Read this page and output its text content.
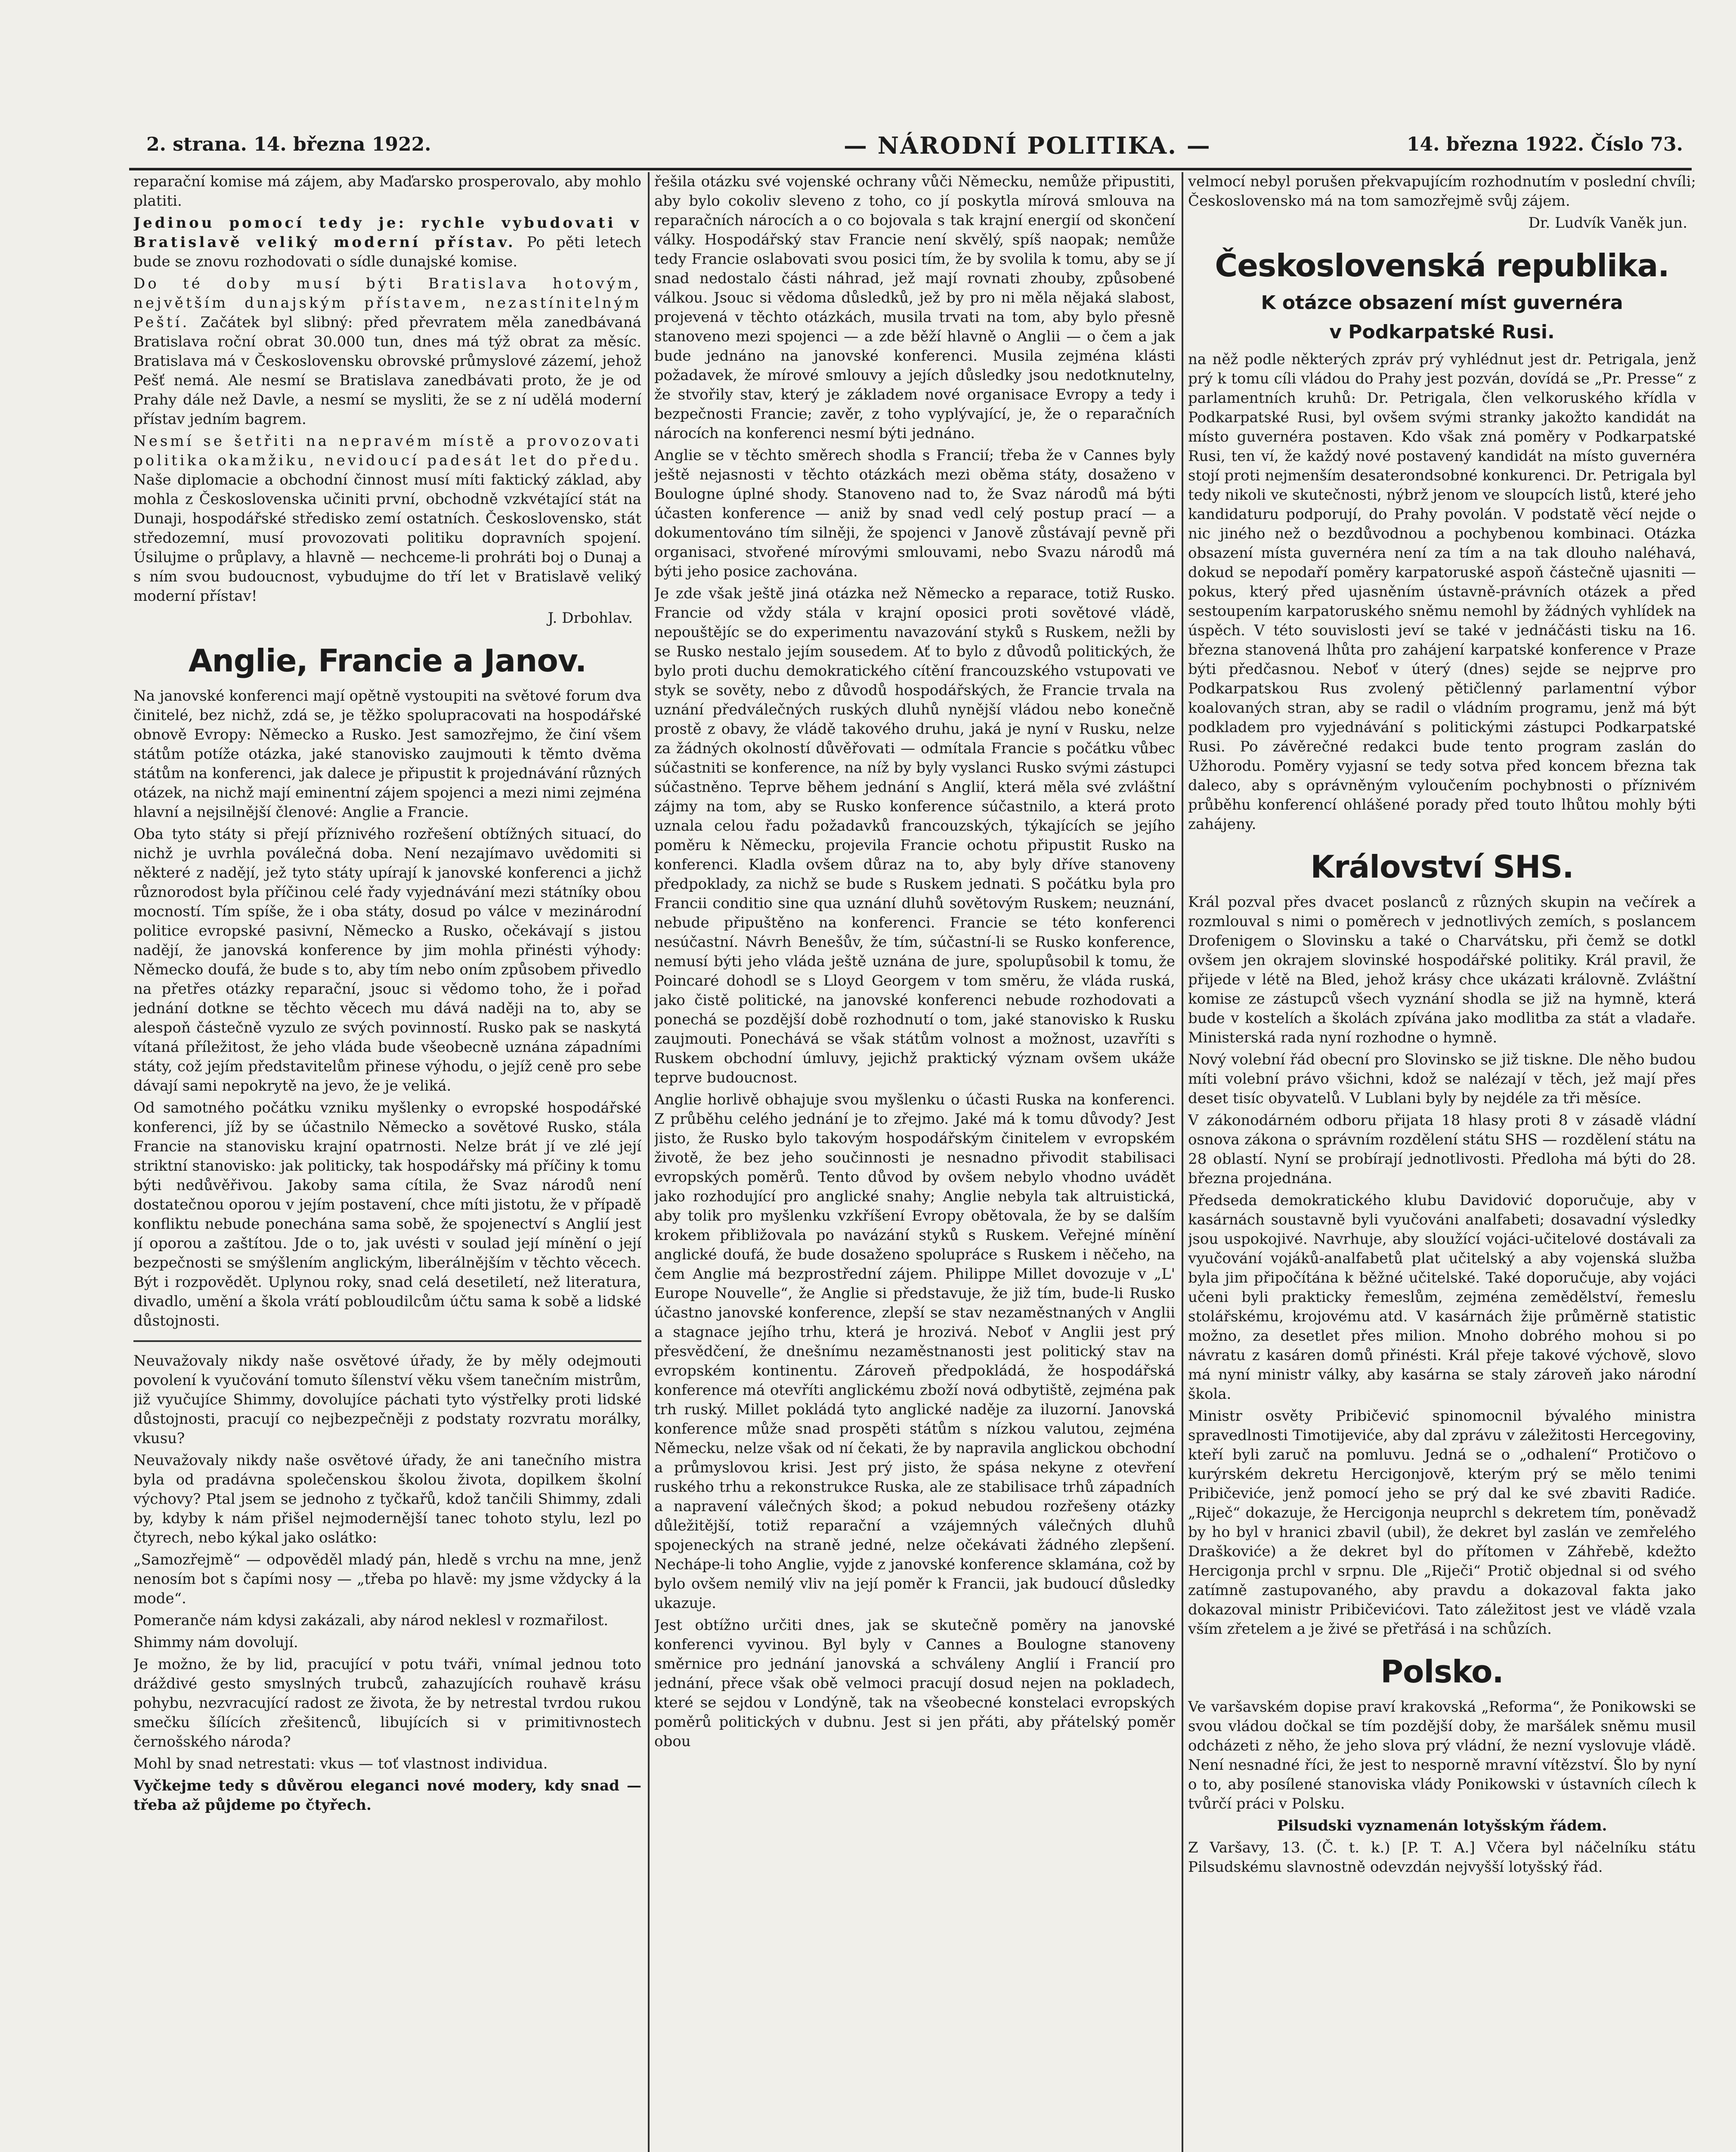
2. strana. 14. března 1922.	— NÁRODNÍ POLITIKA. —	14. března 1922. Číslo 73.

reparační komise má zájem, aby Maďarsko prosperovalo, aby mohlo platiti.

Jedinou pomocí tedy je: rychle vybudovati v Bratislavě veliký moderní přístav. Po pěti letech bude se znovu rozhodovati o sídle dunajské komise.

Do té doby musí býti Bratislava hotovým, největším dunajským přístavem, nezastínitelným Peští. Začátek byl slibný: před převratem měla zanedbávaná Bratislava roční obrat 30.000 tun, dnes má týž obrat za měsíc. Bratislava má v Československu obrovské průmyslové zázemí, jehož Pešť nemá. Ale nesmí se Bratislava zanedbávati proto, že je od Prahy dále než Davle, a nesmí se mysliti, že se z ní udělá moderní přístav jedním bagrem.

Nesmí se šetřiti na nepravém místě a provozovati politika okamžiku, nevidoucí padesát let do předu. Naše diplomacie a obchodní činnost musí míti faktický základ, aby mohla z Československa učiniti první, obchodně vzkvétající stát na Dunaji, hospodářské středisko zemí ostatních. Československo, stát středozemní, musí provozovati politiku dopravních spojení. Úsilujme o průplavy, a hlavně — nechceme-li prohráti boj o Dunaj a s ním svou budoucnost, vybudujme do tří let v Bratislavě veliký moderní přístav!

J. Drbohlav.
Anglie, Francie a Janov.

Na janovské konferenci mají opětně vystoupiti na světové forum dva činitelé, bez nichž, zdá se, je těžko spolupracovati na hospodářské obnově Evropy: Německo a Rusko. Jest samozřejmo, že činí všem státům potíže otázka, jaké stanovisko zaujmouti k těmto dvěma státům na konferenci, jak dalece je připustit k projednávání různých otázek, na nichž mají eminentní zájem spojenci a mezi nimi zejména hlavní a nejsilnější členové: Anglie a Francie.

Oba tyto státy si přejí příznivého rozřešení obtížných situací, do nichž je uvrhla poválečná doba. Není nezajímavo uvědomiti si některé z nadějí, jež tyto státy upírají k janovské konferenci a jichž různorodost byla příčinou celé řady vyjednávání mezi státníky obou mocností. Tím spíše, že i oba státy, dosud po válce v mezinárodní politice evropské pasivní, Německo a Rusko, očekávají s jistou nadějí, že janovská konference by jim mohla přinésti výhody: Německo doufá, že bude s to, aby tím nebo oním způsobem přivedlo na přetřes otázky reparační, jsouc si vědomo toho, že i pořad jednání dotkne se těchto věcech mu dává naději na to, aby se alespoň částečně vyzulo ze svých povinností. Rusko pak se naskytá vítaná příležitost, že jeho vláda bude všeobecně uznána západními státy, což jejím představitelům přinese výhodu, o jejíž ceně pro sebe dávají sami nepokrytě na jevo, že je veliká.

Od samotného počátku vzniku myšlenky o evropské hospodářské konferenci, jíž by se účastnilo Německo a sovětové Rusko, stála Francie na stanovisku krajní opatrnosti. Nelze brát jí ve zlé její striktní stanovisko: jak politicky, tak hospodářsky má příčiny k tomu býti nedůvěřivou. Jakoby sama cítila, že Svaz národů není dostatečnou oporou v jejím postavení, chce míti jistotu, že v případě konfliktu nebude ponechána sama sobě, že spojenectví s Anglií jest jí oporou a zaštítou. Jde o to, jak uvésti v soulad její mínění o její bezpečnosti se smýšlením anglickým, liberálnějším v těchto věcech. Být i rozpovědět. Uplynou roky, snad celá desetiletí, než literatura, divadlo, umění a škola vrátí pobloudilcům účtu sama k sobě a lidské důstojnosti.

Neuvažovaly nikdy naše osvětové úřady, že by měly odejmouti povolení k vyučování tomuto šílenství věku všem tanečním mistrům, již vyučujíce Shimmy, dovolujíce páchati tyto výstřelky proti lidské důstojnosti, pracují co nejbezpečněji z podstaty rozvratu morálky, vkusu?

Neuvažovaly nikdy naše osvětové úřady, že ani tanečního mistra byla od pradávna společenskou školou života, dopilkem školní výchovy? Ptal jsem se jednoho z tyčkařů, kdož tančili Shimmy, zdali by, kdyby k nám přišel nejmodernější tanec tohoto stylu, lezl po čtyrech, nebo kýkal jako oslátko:

„Samozřejmě“ — odpověděl mladý pán, hledě s vrchu na mne, jenž nenosím bot s čapími nosy — „třeba po hlavě: my jsme vždycky á la mode“.

Pomeranče nám kdysi zakázali, aby národ neklesl v rozmařilost.

Shimmy nám dovolují.

Je možno, že by lid, pracující v potu tváři, vnímal jednou toto dráždivé gesto smyslných trubců, zahazujících rouhavě krásu pohybu, nezvracující radost ze života, že by netrestal tvrdou rukou smečku šílících zřešitenců, libujících si v primitivnostech černošského národa?

Mohl by snad netrestati: vkus — toť vlastnost individua.

Vyčkejme tedy s důvěrou eleganci nové modery, kdy snad — třeba až půjdeme po čtyřech.

řešila otázku své vojenské ochrany vůči Německu, nemůže připustiti, aby bylo cokoliv sleveno z toho, co jí poskytla mírová smlouva na reparačních nárocích a o co bojovala s tak krajní energií od skončení války. Hospodářský stav Francie není skvělý, spíš naopak; nemůže tedy Francie oslabovati svou posici tím, že by svolila k tomu, aby se jí snad nedostalo části náhrad, jež mají rovnati zhouby, způsobené válkou. Jsouc si vědoma důsledků, jež by pro ni měla nějaká slabost, projevená v těchto otázkách, musila trvati na tom, aby bylo přesně stanoveno mezi spojenci — a zde běží hlavně o Anglii — o čem a jak bude jednáno na janovské konferenci. Musila zejména klásti požadavek, že mírové smlouvy a jejích důsledky jsou nedotknutelny, že stvořily stav, který je základem nové organisace Evropy a tedy i bezpečnosti Francie; zavěr, z toho vyplývající, je, že o reparačních nárocích na konferenci nesmí býti jednáno.

Anglie se v těchto směrech shodla s Francií; třeba že v Cannes byly ještě nejasnosti v těchto otázkách mezi oběma státy, dosaženo v Boulogne úplné shody. Stanoveno nad to, že Svaz národů má býti účasten konference — aniž by snad vedl celý postup prací — a dokumentováno tím silněji, že spojenci v Janově zůstávají pevně při organisaci, stvořené mírovými smlouvami, nebo Svazu národů má býti jeho posice zachována.

Je zde však ještě jiná otázka než Německo a reparace, totiž Rusko. Francie od vždy stála v krajní oposici proti sovětové vládě, nepouštějíc se do experimentu navazování styků s Ruskem, nežli by se Rusko nestalo jejím sousedem. Ať to bylo z důvodů politických, že bylo proti duchu demokratického cítění francouzského vstupovati ve styk se sověty, nebo z důvodů hospodářských, že Francie trvala na uznání předválečných ruských dluhů nynější vládou nebo konečně prostě z obavy, že vládě takového druhu, jaká je nyní v Rusku, nelze za žádných okolností důvěřovati — odmítala Francie s počátku vůbec súčastniti se konference, na níž by byly vyslanci Rusko svými zástupci súčastněno. Teprve během jednání s Anglií, která měla své zvláštní zájmy na tom, aby se Rusko konference súčastnilo, a která proto uznala celou řadu požadavků francouzských, týkajících se jejího poměru k Německu, projevila Francie ochotu připustit Rusko na konferenci. Kladla ovšem důraz na to, aby byly dříve stanoveny předpoklady, za nichž se bude s Ruskem jednati. S počátku byla pro Francii conditio sine qua uznání dluhů sovětovým Ruskem; neuznání, nebude připuštěno na konferenci. Francie se této konferenci nesúčastní. Návrh Benešův, že tím, súčastní-li se Rusko konference, nemusí býti jeho vláda ještě uznána de jure, spolupůsobil k tomu, že Poincaré dohodl se s Lloyd Georgem v tom směru, že vláda ruská, jako čistě politické, na janovské konferenci nebude rozhodovati a ponechá se pozdější době rozhodnutí o tom, jaké stanovisko k Rusku zaujmouti. Ponechává se však státům volnost a možnost, uzavříti s Ruskem obchodní úmluvy, jejichž praktický význam ovšem ukáže teprve budoucnost.

Anglie horlivě obhajuje svou myšlenku o účasti Ruska na konferenci. Z průběhu celého jednání je to zřejmo. Jaké má k tomu důvody? Jest jisto, že Rusko bylo takovým hospodářským činitelem v evropském životě, že bez jeho součinnosti je nesnadno přivodit stabilisaci evropských poměrů. Tento důvod by ovšem nebylo vhodno uvádět jako rozhodující pro anglické snahy; Anglie nebyla tak altruistická, aby tolik pro myšlenku vzkříšení Evropy obětovala, že by se dalším krokem přibližovala po navázání styků s Ruskem. Veřejné mínění anglické doufá, že bude dosaženo spolupráce s Ruskem i něčeho, na čem Anglie má bezprostřední zájem. Philippe Millet dovozuje v „L' Europe Nouvelle“, že Anglie si představuje, že již tím, bude-li Rusko účastno janovské konference, zlepší se stav nezaměstnaných v Anglii a stagnace jejího trhu, která je hrozivá. Neboť v Anglii jest prý přesvědčení, že dnešnímu nezaměstnanosti jest politický stav na evropském kontinentu. Zároveň předpokládá, že hospodářská konference má otevříti anglickému zboží nová odbytiště, zejména pak trh ruský. Millet pokládá tyto anglické naděje za iluzorní. Janovská konference může snad prospěti státům s nízkou valutou, zejména Německu, nelze však od ní čekati, že by napravila anglickou obchodní a průmyslovou krisi. Jest prý jisto, že spása nekyne z otevření ruského trhu a rekonstrukce Ruska, ale ze stabilisace trhů západních a napravení válečných škod; a pokud nebudou rozřešeny otázky důležitější, totiž reparační a vzájemných válečných dluhů spojeneckých na straně jedné, nelze očekávati žádného zlepšení. Nechápe-li toho Anglie, vyjde z janovské konference sklamána, což by bylo ovšem nemilý vliv na její poměr k Francii, jak budoucí důsledky ukazuje.

Jest obtížno určiti dnes, jak se skutečně poměry na janovské konferenci vyvinou. Byl byly v Cannes a Boulogne stanoveny směrnice pro jednání janovská a schváleny Anglií i Francií pro jednání, přece však obě velmoci pracují dosud nejen na pokladech, které se sejdou v Londýně, tak na všeobecné konstelaci evropských poměrů politických v dubnu. Jest si jen přáti, aby přátelský poměr obou

velmocí nebyl porušen překvapujícím rozhodnutím v poslední chvíli; Československo má na tom samozřejmě svůj zájem.

Dr. Ludvík Vaněk jun.
Československá republika.
K otázce obsazení míst guvernéra
v Podkarpatské Rusi.

na něž podle některých zpráv prý vyhlédnut jest dr. Petrigala, jenž prý k tomu cíli vládou do Prahy jest pozván, dovídá se „Pr. Presse“ z parlamentních kruhů: Dr. Petrigala, člen velkoruského křídla v Podkarpatské Rusi, byl ovšem svými stranky jakožto kandidát na místo guvernéra postaven. Kdo však zná poměry v Podkarpatské Rusi, ten ví, že každý nové postavený kandidát na místo guvernéra stojí proti nejmenším desaterondsobné konkurenci. Dr. Petrigala byl tedy nikoli ve skutečnosti, nýbrž jenom ve sloupcích listů, které jeho kandidaturu podporují, do Prahy povolán. V podstatě věcí nejde o nic jiného než o bezdůvodnou a pochybenou kombinaci. Otázka obsazení místa guvernéra není za tím a na tak dlouho naléhavá, dokud se nepodaří poměry karpatoruské aspoň částečně ujasniti — pokus, který před ujasněním ústavně-právních otázek a před sestoupením karpatoruského sněmu nemohl by žádných vyhlídek na úspěch. V této souvislosti jeví se také v jednáčásti tisku na 16. března stanovená lhůta pro zahájení karpatské konference v Praze býti předčasnou. Neboť v úterý (dnes) sejde se nejprve pro Podkarpatskou Rus zvolený pětičlenný parlamentní výbor koalovaných stran, aby se radil o vládním programu, jenž má být podkladem pro vyjednávání s politickými zástupci Podkarpatské Rusi. Po závěrečné redakci bude tento program zaslán do Užhorodu. Poměry vyjasní se tedy sotva před koncem března tak daleco, aby s oprávněným vyloučením pochybnosti o příznivém průběhu konferencí ohlášené porady před touto lhůtou mohly býti zahájeny.

Království SHS.

Král pozval přes dvacet poslanců z různých skupin na večírek a rozmlouval s nimi o poměrech v jednotlivých zemích, s poslancem Drofenigem o Slovinsku a také o Charvátsku, při čemž se dotkl ovšem jen okrajem slovinské hospodářské politiky. Král pravil, že přijede v létě na Bled, jehož krásy chce ukázati královně. Zvláštní komise ze zástupců všech vyznání shodla se již na hymně, která bude v kostelích a školách zpívána jako modlitba za stát a vladaře. Ministerská rada nyní rozhodne o hymně.

Nový volební řád obecní pro Slovinsko se již tiskne. Dle něho budou míti volební právo všichni, kdož se nalézají v těch, jež mají přes deset tisíc obyvatelů. V Lublani byly by nejdéle za tři měsíce.

V zákonodárném odboru přijata 18 hlasy proti 8 v zásadě vládní osnova zákona o správním rozdělení státu SHS — rozdělení státu na 28 oblastí. Nyní se probírají jednotlivosti. Předloha má býti do 28. března projednána.

Předseda demokratického klubu Davidović doporučuje, aby v kasárnách soustavně byli vyučováni analfabeti; dosavadní výsledky jsou uspokojivé. Navrhuje, aby sloužící vojáci-učitelové dostávali za vyučování vojáků-analfabetů plat učitelský a aby vojenská služba byla jim připočítána k běžné učitelské. Také doporučuje, aby vojáci učeni byli prakticky řemeslům, zejména zemědělství, řemeslu stolářskému, krojovému atd. V kasárnách žije průměrně statistic možno, za desetlet přes milion. Mnoho dobrého mohou si po návratu z kasáren domů přinésti. Král přeje takové výchově, slovo má nyní ministr války, aby kasárna se staly zároveň jako národní škola.

Ministr osvěty Pribičević spinomocnil bývalého ministra spravedlnosti Timotijeviće, aby dal zprávu v záležitosti Hercegoviny, kteří byli zaruč na pomluvu. Jedná se o „odhalení“ Protičovo o kurýrském dekretu Hercigonjově, kterým prý se mělo tenimi Pribičeviće, jenž pomocí jeho se prý dal ke své zbaviti Radiće. „Riječ“ dokazuje, že Hercigonja neuprchl s dekretem tím, poněvadž by ho byl v hranici zbavil (ubil), že dekret byl zaslán ve zemřelého Draškoviće) a že dekret byl do přítomen v Záhřebě, kdežto Hercigonja prchl v srpnu. Dle „Riječi“ Protič objednal si od svého zatímně zastupovaného, aby pravdu a dokazoval fakta jako dokazoval ministr Pribičevićovi. Tato záležitost jest ve vládě vzala vším zřetelem a je živé se přetřásá i na schůzích.

Polsko.

Ve varšavském dopise praví krakovská „Reforma“, že Ponikowski se svou vládou dočkal se tím pozdější doby, že maršálek sněmu musil odcházeti z něho, že jeho slova prý vládní, že nezní vyslovuje vládě. Není nesnadné říci, že jest to nesporně mravní vítězství. Šlo by nyní o to, aby posílené stanoviska vlády Ponikowski v ústavních cílech k tvůrčí práci v Polsku.

Pilsudski vyznamenán lotyšským řádem.

Z Varšavy, 13. (Č. t. k.) [P. T. A.] Včera byl náčelníku státu Pilsudskému slavnostně odevzdán nejvyšší lotyšský řád.
